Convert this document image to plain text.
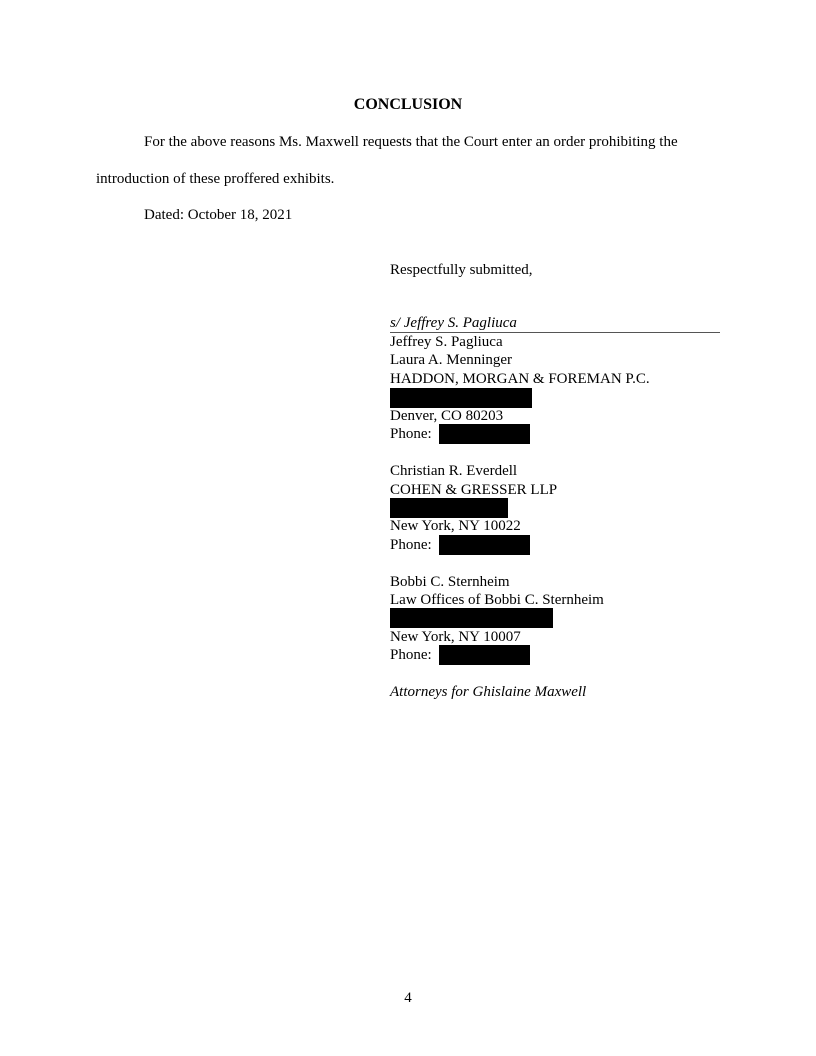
CONCLUSION
For the above reasons Ms. Maxwell requests that the Court enter an order prohibiting the
introduction of these proffered exhibits.
Dated: October 18, 2021
Respectfully submitted,
s/ Jeffrey S. Pagliuca
Jeffrey S. Pagliuca
Laura A. Menninger
HADDON, MORGAN & FOREMAN P.C.
Denver, CO 80203
Phone:
Christian R. Everdell
COHEN & GRESSER LLP
New York, NY 10022
Phone:
Bobbi C. Sternheim
Law Offices of Bobbi C. Sternheim
New York, NY 10007
Phone:
Attorneys for Ghislaine Maxwell
4
